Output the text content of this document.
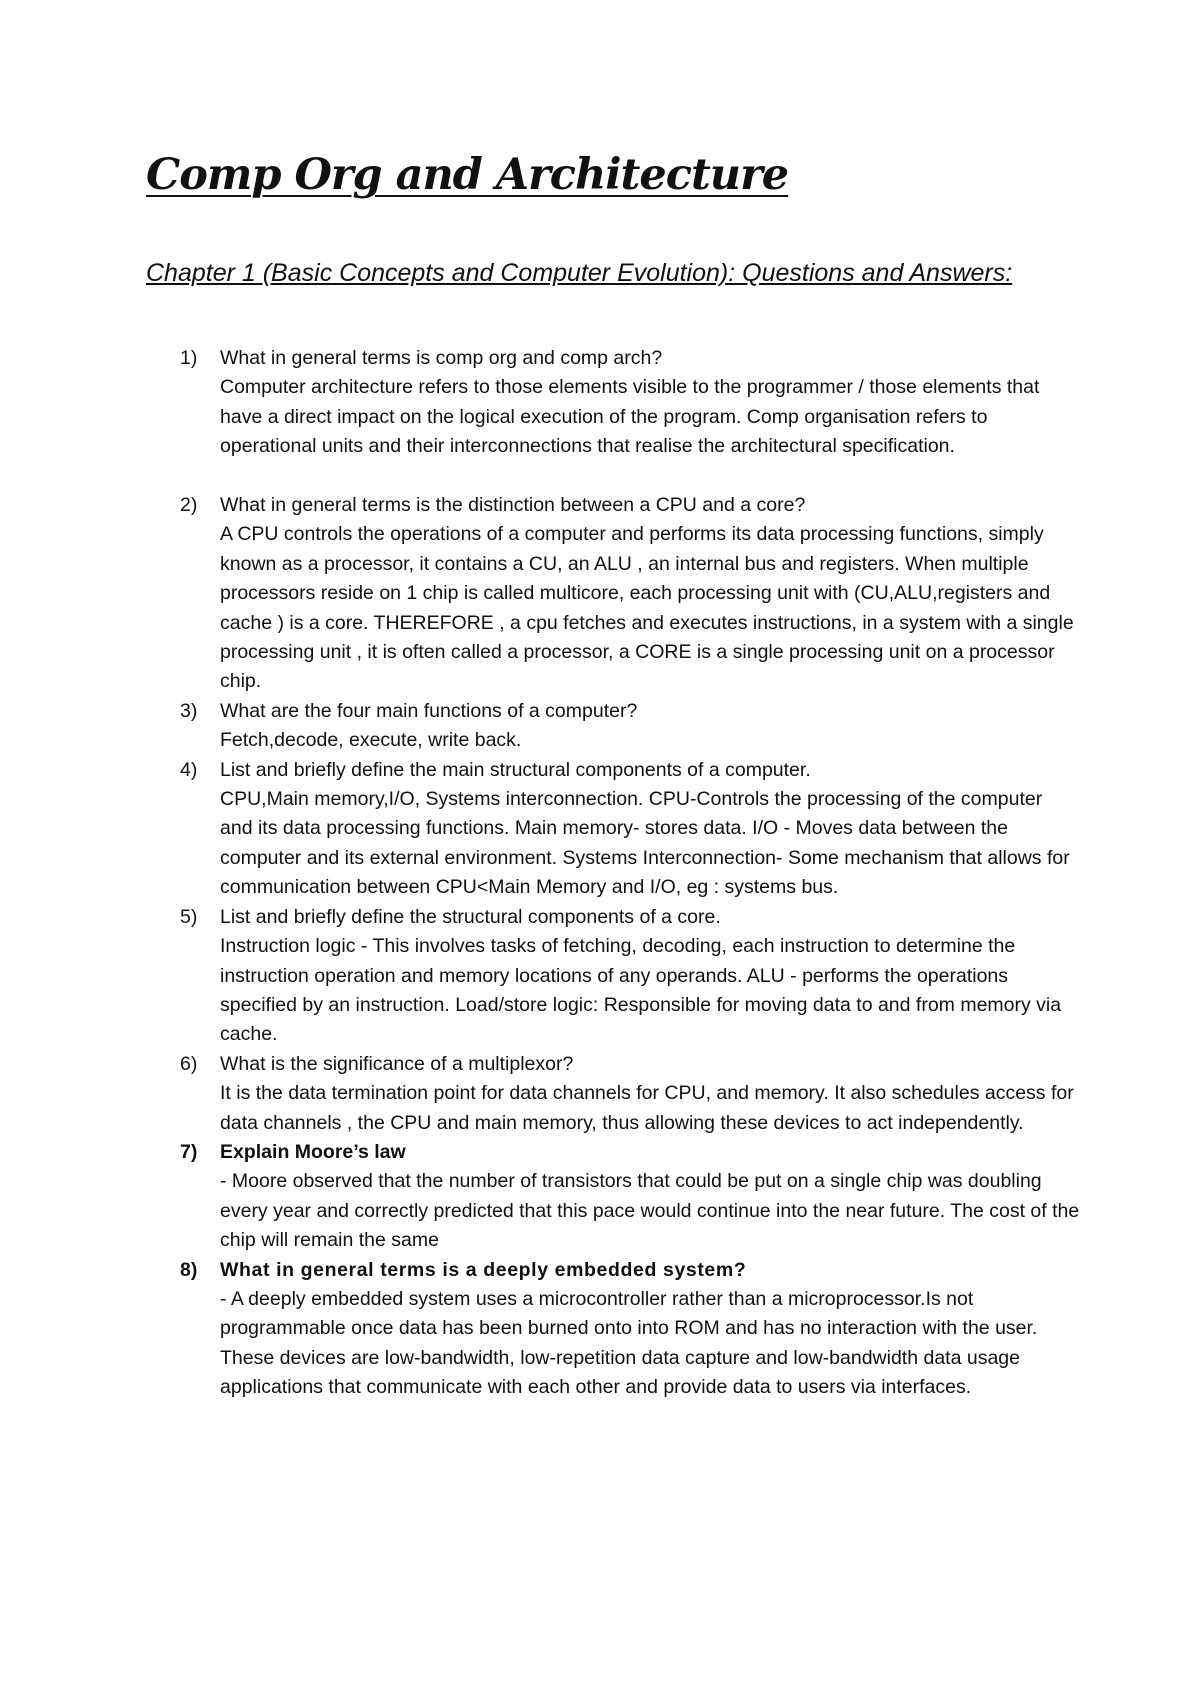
Comp Org and Architecture
Chapter 1 (Basic Concepts and Computer Evolution): Questions and Answers:
1) What in general terms is comp org and comp arch?

Computer architecture refers to those elements visible to the programmer / those elements that have a direct impact on the logical execution of the program. Comp organisation refers to operational units and their interconnections that realise the architectural specification.

2) What in general terms is the distinction between a CPU and a core?

A CPU controls the operations of a computer and performs its data processing functions, simply known as a processor, it contains a CU, an ALU , an internal bus and registers. When multiple processors reside on 1 chip is called multicore, each processing unit with (CU,ALU,registers and cache ) is a core. THEREFORE , a cpu fetches and executes instructions, in a system with a single processing unit , it is often called a processor, a CORE is a single processing unit on a processor chip.

3) What are the four main functions of a computer?

Fetch,decode, execute, write back.

4) List and briefly define the main structural components of a computer.

CPU,Main memory,I/O, Systems interconnection. CPU-Controls the processing of the computer and its data processing functions. Main memory- stores data. I/O - Moves data between the computer and its external environment. Systems Interconnection- Some mechanism that allows for communication between CPU<Main Memory and I/O, eg : systems bus.

5) List and briefly define the structural components of a core.

Instruction logic - This involves tasks of fetching, decoding, each instruction to determine the instruction operation and memory locations of any operands. ALU - performs the operations specified by an instruction. Load/store logic: Responsible for moving data to and from memory via cache.

6) What is the significance of a multiplexor?

It is the data termination point for data channels for CPU, and memory. It also schedules access for data channels , the CPU and main memory, thus allowing these devices to act independently.

7) Explain Moore’s law

- Moore observed that the number of transistors that could be put on a single chip was doubling every year and correctly predicted that this pace would continue into the near future. The cost of the chip will remain the same

8) What in general terms is a deeply embedded system?

- A deeply embedded system uses a microcontroller rather than a microprocessor.Is not programmable once data has been burned onto into ROM and has no interaction with the user. These devices are low-bandwidth, low-repetition data capture and low-bandwidth data usage applications that communicate with each other and provide data to users via interfaces.
